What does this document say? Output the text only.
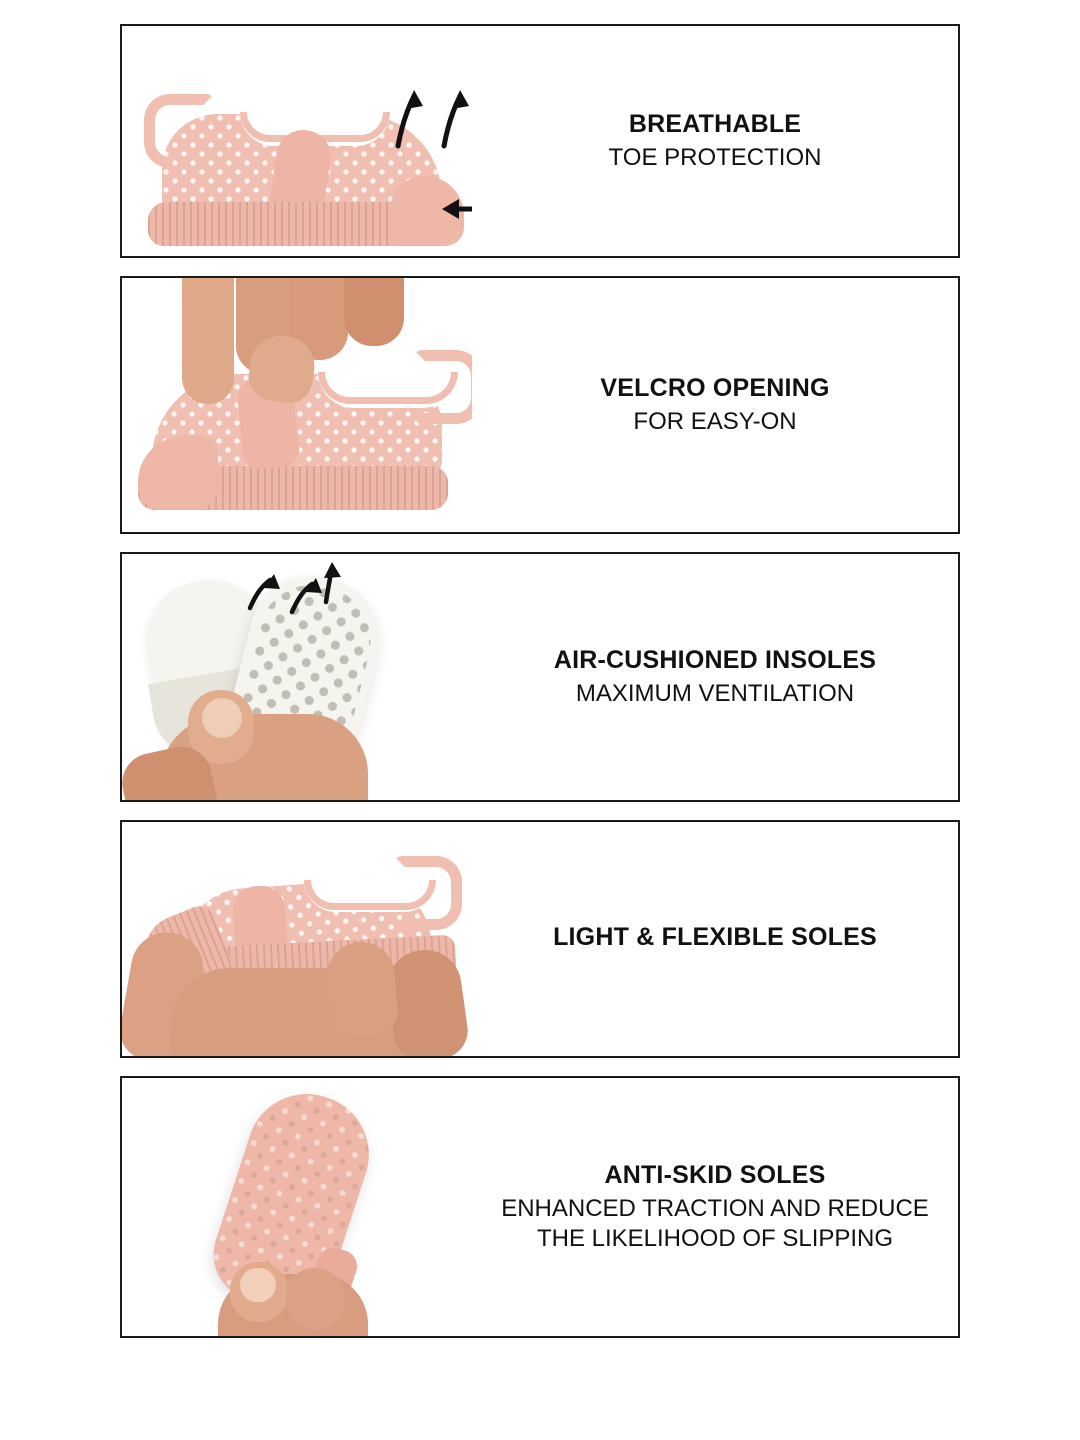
BREATHABLE
TOE PROTECTION
VELCRO OPENING
FOR EASY-ON
AIR-CUSHIONED INSOLES
MAXIMUM VENTILATION
LIGHT & FLEXIBLE SOLES
ANTI-SKID SOLES
ENHANCED TRACTION AND REDUCE THE LIKELIHOOD OF SLIPPING
